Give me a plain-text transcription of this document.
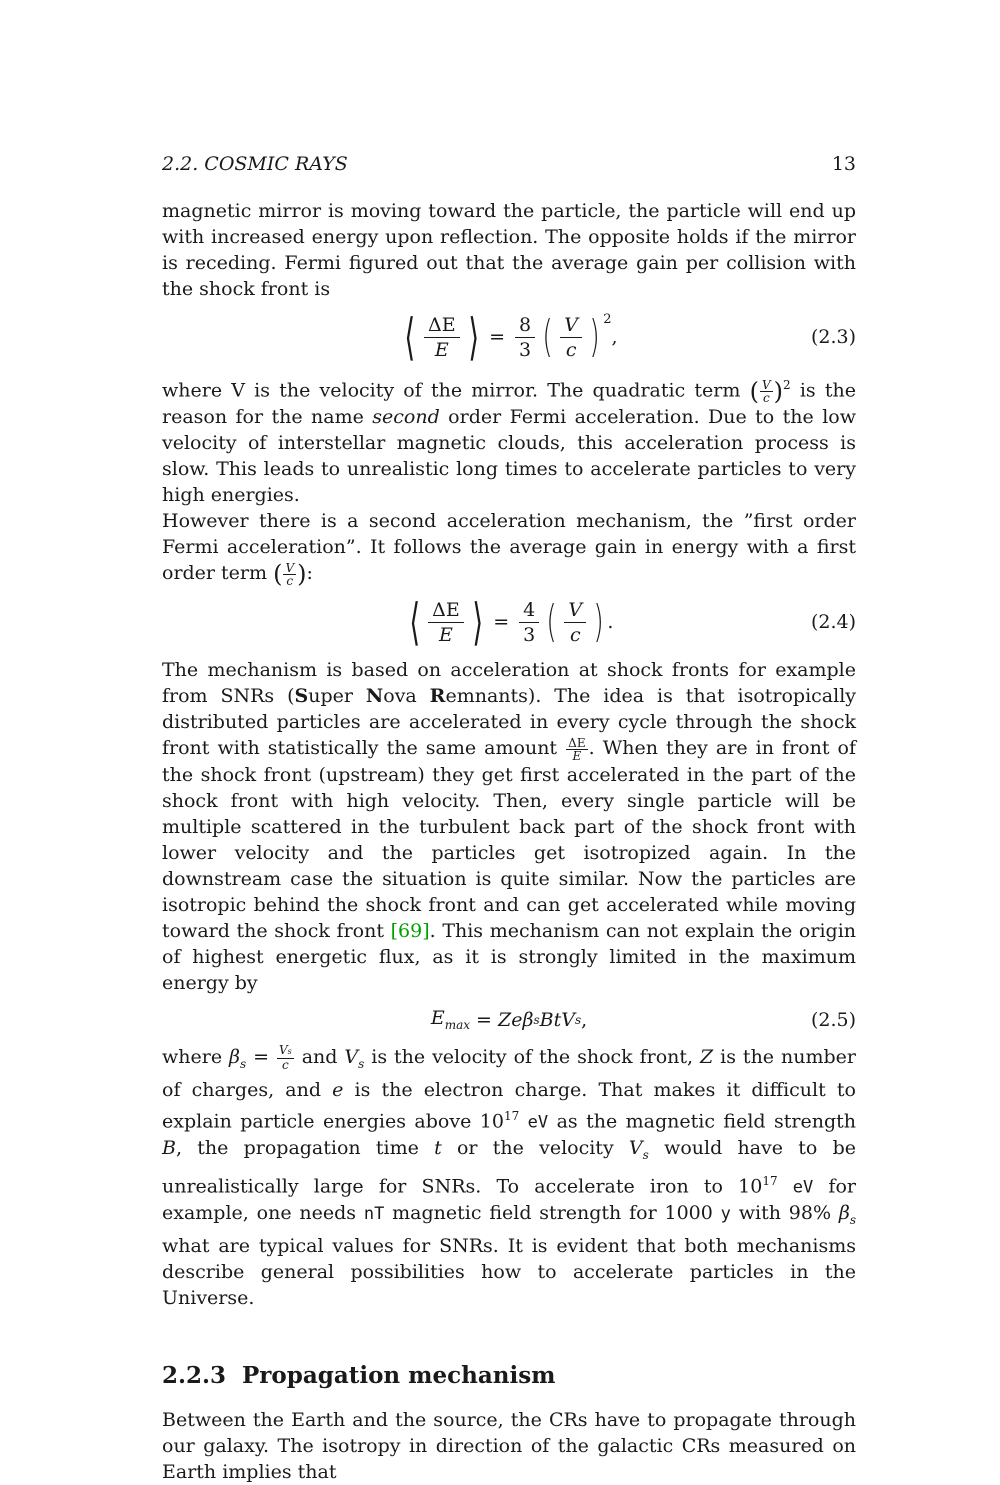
2.2. COSMIC RAYS	13

magnetic mirror is moving toward the particle, the particle will end up with increased energy upon reflection. The opposite holds if the mirror is receding. Fermi figured out that the average gain per collision with the shock front is

⟨ $\frac{\Delta E}{E}$ ⟩ = $\frac{8}{3}$ ( $\frac{V}{c}$ ) 2
,	(2.3)

where V is the velocity of the mirror. The quadratic term ( $\frac{V}{c} )^2$ is the reason for the name second order Fermi acceleration. Due to the low velocity of interstellar magnetic clouds, this acceleration process is slow. This leads to unrealistic long times to accelerate particles to very high energies.

However there is a second acceleration mechanism, the ”first order Fermi acceleration”. It follows the average gain in energy with a first order term ( $\frac{V}{c}$ ):

⟨ $\frac{\Delta E}{E}$ ⟩ = $\frac{4}{3}$ ( $\frac{V}{c}$ ) .	(2.4)

The mechanism is based on acceleration at shock fronts for example from SNRs (Super Nova Remnants). The idea is that isotropically distributed particles are accelerated in every cycle through the shock front with statistically the same amount $\frac{\Delta E}{E}$ . When they are in front of the shock front (upstream) they get first accelerated in the part of the shock front with high velocity. Then, every single particle will be multiple scattered in the turbulent back part of the shock front with lower velocity and the particles get isotropized again. In the downstream case the situation is quite similar. Now the particles are isotropic behind the shock front and can get accelerated while moving toward the shock front [69]. This mechanism can not explain the origin of highest energetic flux, as it is strongly limited in the maximum energy by

$E_{max} = Ze$ β s BtV s ,	(2.5)

where $\beta_s = \frac{Vs}{c}$ and $V_s$ is the velocity of the shock front, Z is the number of charges, and e is the electron charge. That makes it difficult to explain particle energies above $10^{17}$ eV as the magnetic field strength B, the propagation time t or the velocity $V_s$ would have to be unrealistically large for SNRs. To accelerate iron to $10^{17}$ eV for example, one needs nT magnetic field strength for 1000 y with 98% $\beta_s$ what are typical values for SNRs. It is evident that both mechanisms describe general possibilities how to accelerate particles in the Universe.

2.2.3 Propagation mechanism

Between the Earth and the source, the CRs have to propagate through our galaxy. The isotropy in direction of the galactic CRs measured on Earth implies that
